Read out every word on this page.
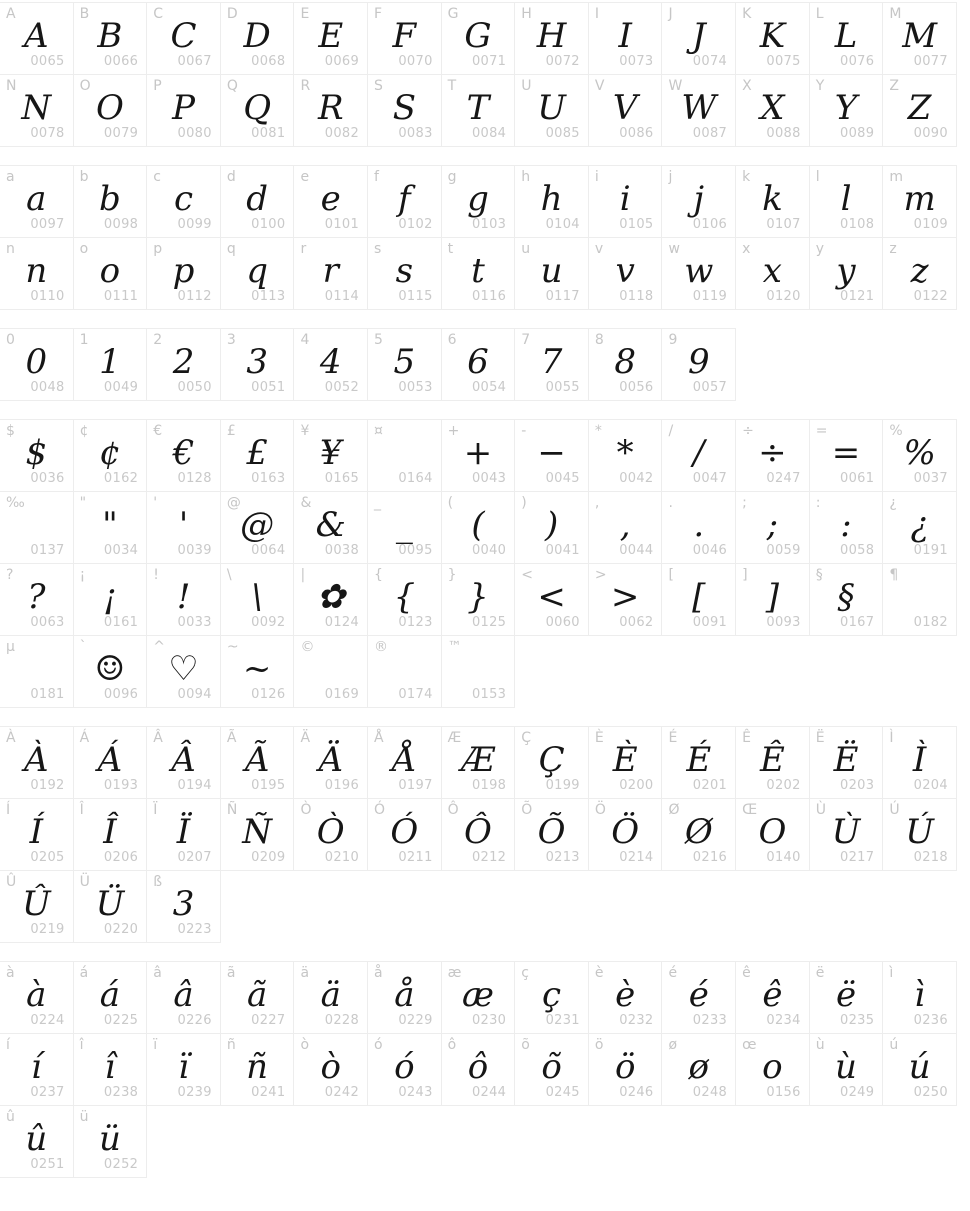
A
A
0065
B
B
0066
C
C
0067
D
D
0068
E
E
0069
F
F
0070
G
G
0071
H
H
0072
I
I
0073
J
J
0074
K
K
0075
L
L
0076
M
M
0077
N
N
0078
O
O
0079
P
P
0080
Q
Q
0081
R
R
0082
S
S
0083
T
T
0084
U
U
0085
V
V
0086
W
W
0087
X
X
0088
Y
Y
0089
Z
Z
0090
a
a
0097
b
b
0098
c
c
0099
d
d
0100
e
e
0101
f
f
0102
g
g
0103
h
h
0104
i
i
0105
j
j
0106
k
k
0107
l
l
0108
m
m
0109
n
n
0110
o
o
0111
p
p
0112
q
q
0113
r
r
0114
s
s
0115
t
t
0116
u
u
0117
v
v
0118
w
w
0119
x
x
0120
y
y
0121
z
z
0122
0
0
0048
1
1
0049
2
2
0050
3
3
0051
4
4
0052
5
5
0053
6
6
0054
7
7
0055
8
8
0056
9
9
0057
$
$
0036
¢
¢
0162
€
€
0128
£
£
0163
¥
¥
0165
¤
0164
+
+
0043
-
−
0045
*
*
0042
/
/
0047
÷
÷
0247
=
=
0061
%
%
0037
‰
0137
"
"
0034
'
'
0039
@
@
0064
&
&
0038
_
_
0095
(
(
0040
)
)
0041
,
,
0044
.
.
0046
;
;
0059
:
:
0058
¿
¿
0191
?
?
0063
¡
¡
0161
!
!
0033
\
\
0092
|
✿
0124
{
{
0123
}
}
0125
<
<
0060
>
>
0062
[
[
0091
]
]
0093
§
§
0167
¶
0182
µ
0181
`
☺
0096
^
♡
0094
~
~
0126
©
0169
®
0174
™
0153
À
À
0192
Á
Á
0193
Â
Â
0194
Ã
Ã
0195
Ä
Ä
0196
Å
Å
0197
Æ
Æ
0198
Ç
Ç
0199
È
È
0200
É
É
0201
Ê
Ê
0202
Ë
Ë
0203
Ì
Ì
0204
Í
Í
0205
Î
Î
0206
Ï
Ï
0207
Ñ
Ñ
0209
Ò
Ò
0210
Ó
Ó
0211
Ô
Ô
0212
Õ
Õ
0213
Ö
Ö
0214
Ø
Ø
0216
Œ
O
0140
Ù
Ù
0217
Ú
Ú
0218
Û
Û
0219
Ü
Ü
0220
ß
3
0223
à
à
0224
á
á
0225
â
â
0226
ã
ã
0227
ä
ä
0228
å
å
0229
æ
æ
0230
ç
ç
0231
è
è
0232
é
é
0233
ê
ê
0234
ë
ë
0235
ì
ì
0236
í
í
0237
î
î
0238
ï
ï
0239
ñ
ñ
0241
ò
ò
0242
ó
ó
0243
ô
ô
0244
õ
õ
0245
ö
ö
0246
ø
ø
0248
œ
o
0156
ù
ù
0249
ú
ú
0250
û
û
0251
ü
ü
0252
